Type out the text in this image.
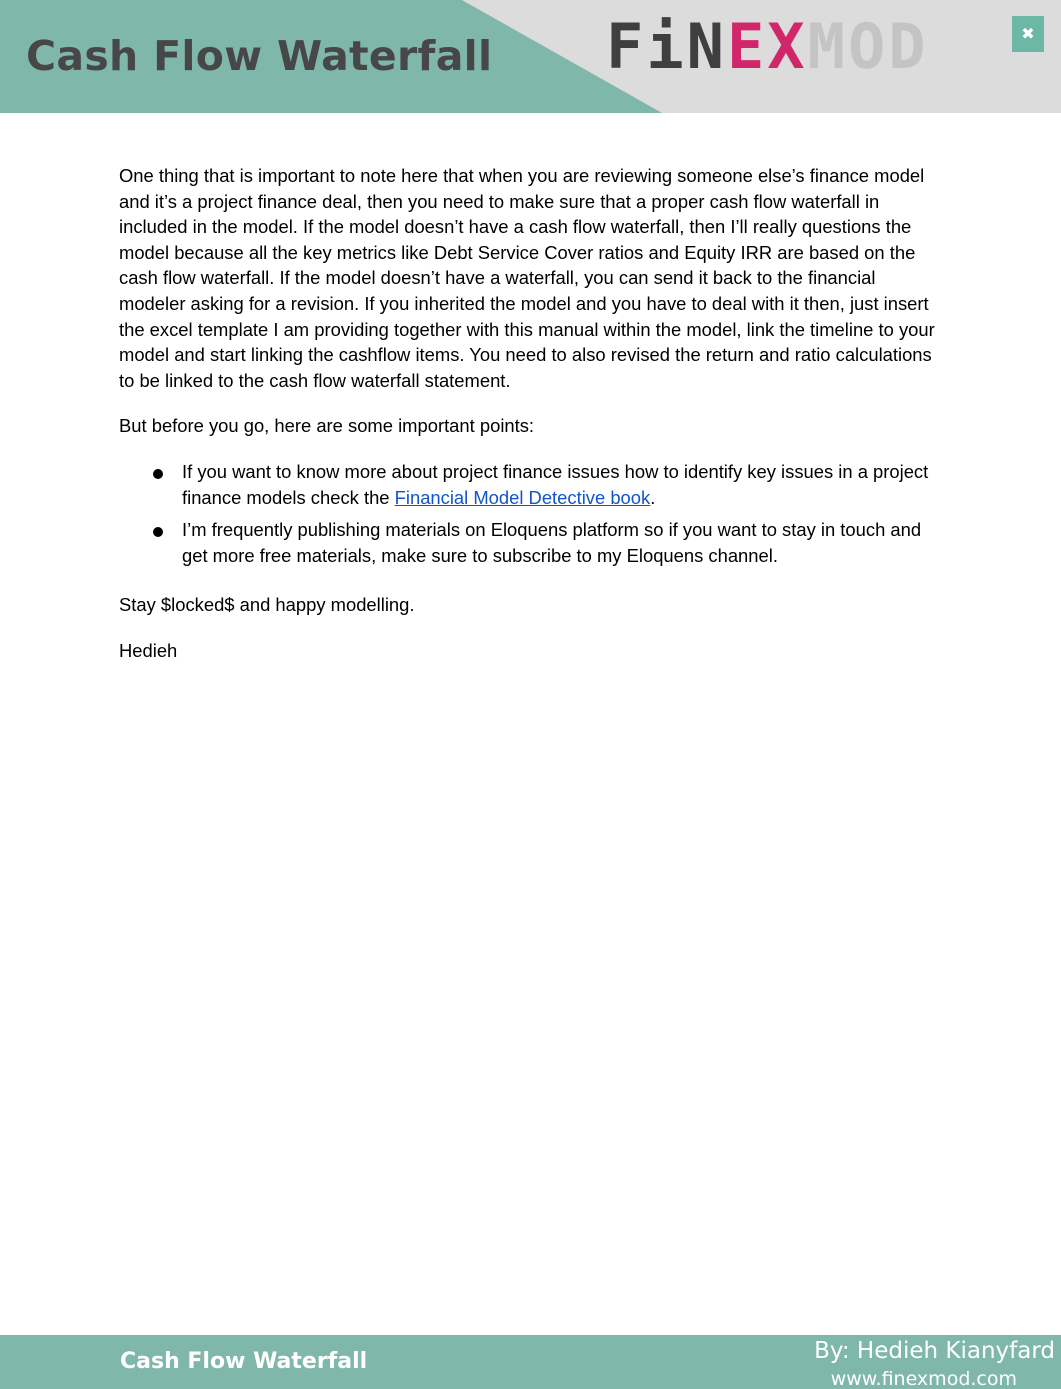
Cash Flow Waterfall FiNEXMOD	✖

One thing that is important to note here that when you are reviewing someone else’s finance model and it’s a project finance deal, then you need to make sure that a proper cash flow waterfall in included in the model. If the model doesn’t have a cash flow waterfall, then I’ll really questions the model because all the key metrics like Debt Service Cover ratios and Equity IRR are based on the cash flow waterfall. If the model doesn’t have a waterfall, you can send it back to the financial modeler asking for a revision. If you inherited the model and you have to deal with it then, just insert the excel template I am providing together with this manual within the model, link the timeline to your model and start linking the cashflow items. You need to also revised the return and ratio calculations to be linked to the cash flow waterfall statement.

But before you go, here are some important points:

If you want to know more about project finance issues how to identify key issues in a project finance models check the Financial Model Detective book.
I’m frequently publishing materials on Eloquens platform so if you want to stay in touch and get more free materials, make sure to subscribe to my Eloquens channel.

Stay $locked$ and happy modelling.

Hedieh

Cash Flow Waterfall	By: Hedieh Kianyfard
www.finexmod.com
